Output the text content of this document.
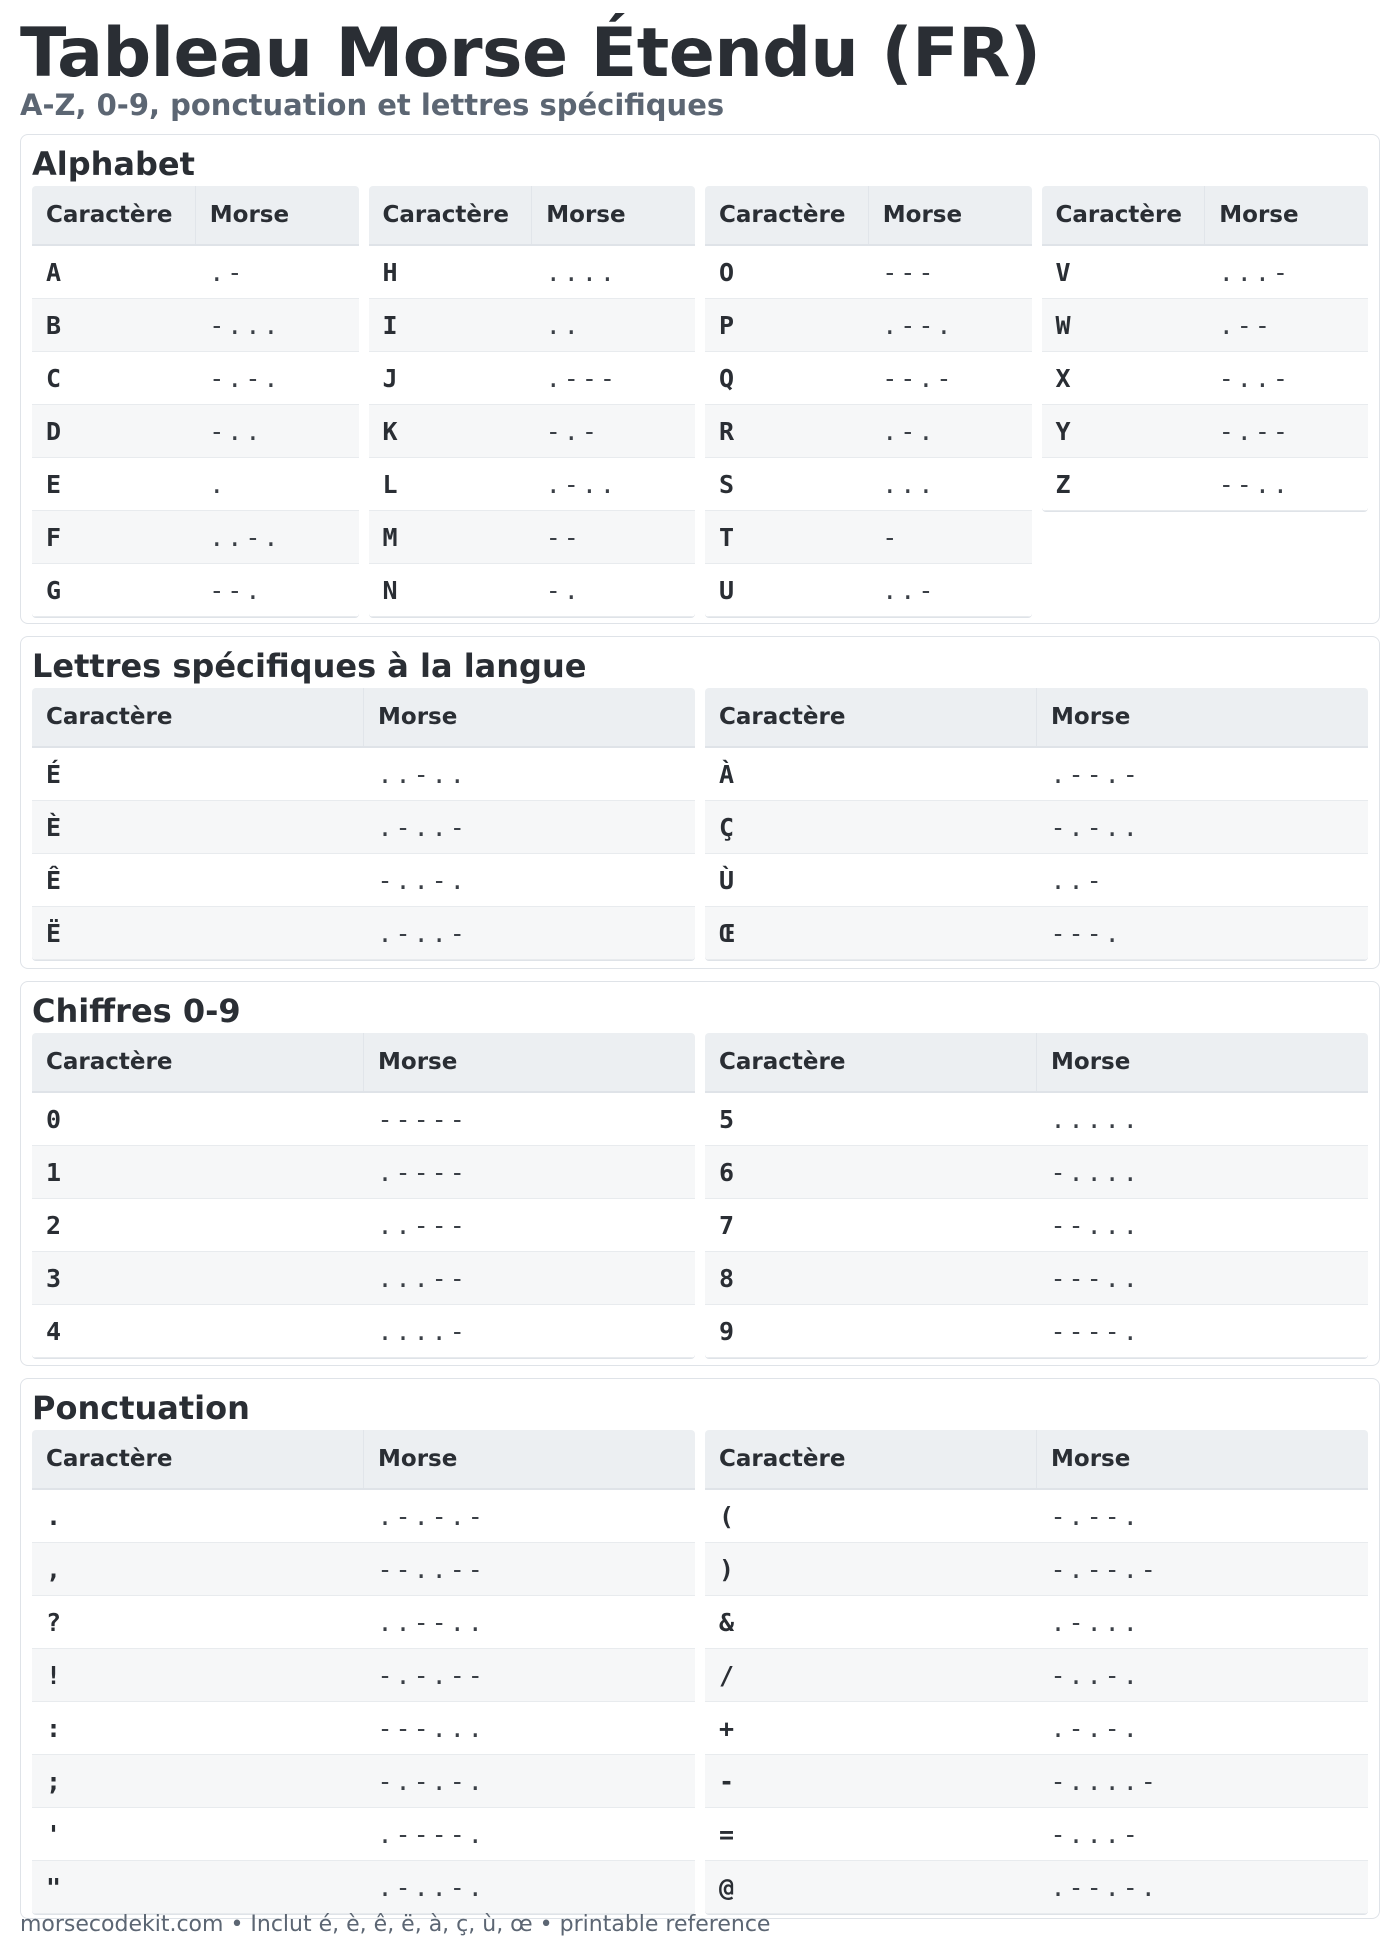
Tableau Morse Étendu (FR)
A-Z, 0-9, ponctuation et lettres spécifiques
Alphabet
Caractère	Morse
A	.-
B	-...
C	-.-.
D	-..
E	.
F	..-.
G	--.
Caractère	Morse
H	....
I	..
J	.---
K	-.-
L	.-..
M	--
N	-.
Caractère	Morse
O	---
P	.--.
Q	--.-
R	.-.
S	...
T	-
U	..-
Caractère	Morse
V	...-
W	.--
X	-..-
Y	-.--
Z	--..
Lettres spécifiques à la langue
Caractère	Morse
É	..-..
È	.-..-
Ê	-..-.
Ë	.-..-
Caractère	Morse
À	.--.-
Ç	-.-..
Ù	..-
Œ	---.
Chiffres 0-9
Caractère	Morse
0	-----
1	.----
2	..---
3	...--
4	....-
Caractère	Morse
5	.....
6	-....
7	--...
8	---..
9	----.
Ponctuation
Caractère	Morse
.	.-.-.-
,	--..--
?	..--..
!	-.-.--
:	---...
;	-.-.-.
'	.----.
"	.-..-.
Caractère	Morse
(	-.--.
)	-.--.-
&	.-...
/	-..-.
+	.-.-.
-	-....-
=	-...-
@	.--.-.
morsecodekit.com • Inclut é, è, ê, ë, à, ç, ù, œ • printable reference
